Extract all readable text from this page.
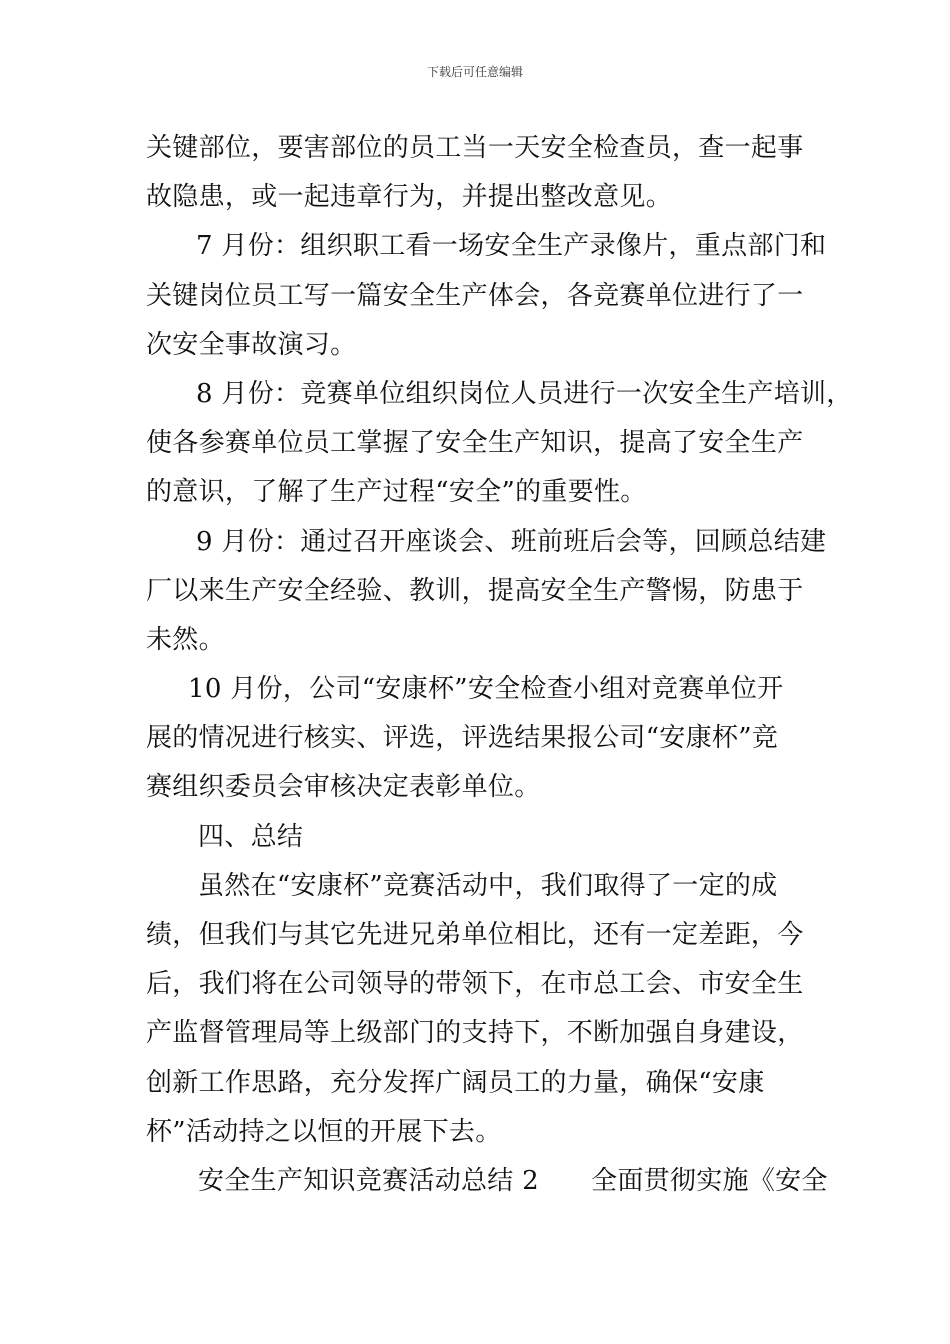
下载后可任意编辑
关键部位，要害部位的员工当一天安全检查员，查一起事
故隐患，或一起违章行为，并提出整改意见。
7 月份：组织职工看一场安全生产录像片，重点部门和
关键岗位员工写一篇安全生产体会，各竞赛单位进行了一
次安全事故演习。
8 月份：竞赛单位组织岗位人员进行一次安全生产培训，
使各参赛单位员工掌握了安全生产知识，提高了安全生产
的意识，了解了生产过程“安全”的重要性。
9 月份：通过召开座谈会、班前班后会等，回顾总结建
厂以来生产安全经验、教训，提高安全生产警惕，防患于
未然。
10 月份，公司“安康杯”安全检查小组对竞赛单位开
展的情况进行核实、评选，评选结果报公司“安康杯”竞
赛组织委员会审核决定表彰单位。
四、总结
虽然在“安康杯”竞赛活动中，我们取得了一定的成
绩，但我们与其它先进兄弟单位相比，还有一定差距，今
后，我们将在公司领导的带领下，在市总工会、市安全生
产监督管理局等上级部门的支持下，不断加强自身建设，
创新工作思路，充分发挥广阔员工的力量，确保“安康
杯”活动持之以恒的开展下去。
安全生产知识竞赛活动总结 2 全面贯彻实施《安全
